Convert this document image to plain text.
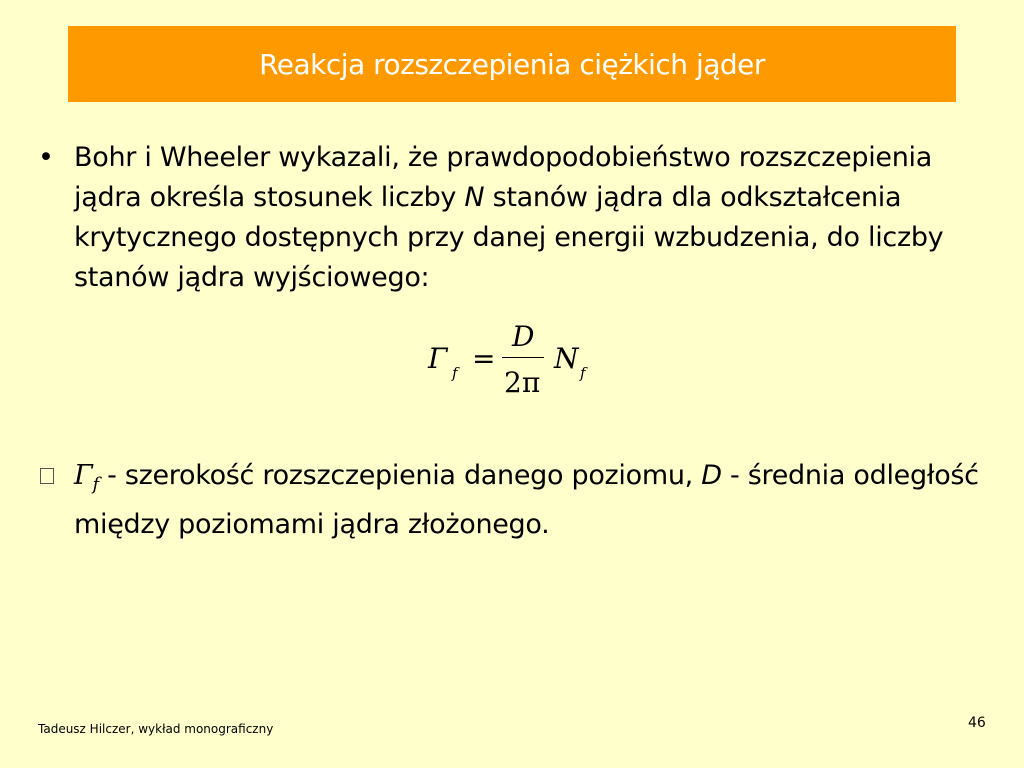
Reakcja rozszczepienia ciężkich jąder
• Bohr i Wheeler wykazali, że prawdopodobieństwo rozszczepienia jądra określa stosunek liczby N stanów jądra dla odkształcenia krytycznego dostępnych przy danej energii wzbudzenia, do liczby stanów jądra wyjściowego:
Γ f =
D
2π
N f
$\Gamma_f$ - szerokość rozszczepienia danego poziomu, D - średnia odległość między poziomami jądra złożonego.
Tadeusz Hilczer, wykład monograficzny	46
